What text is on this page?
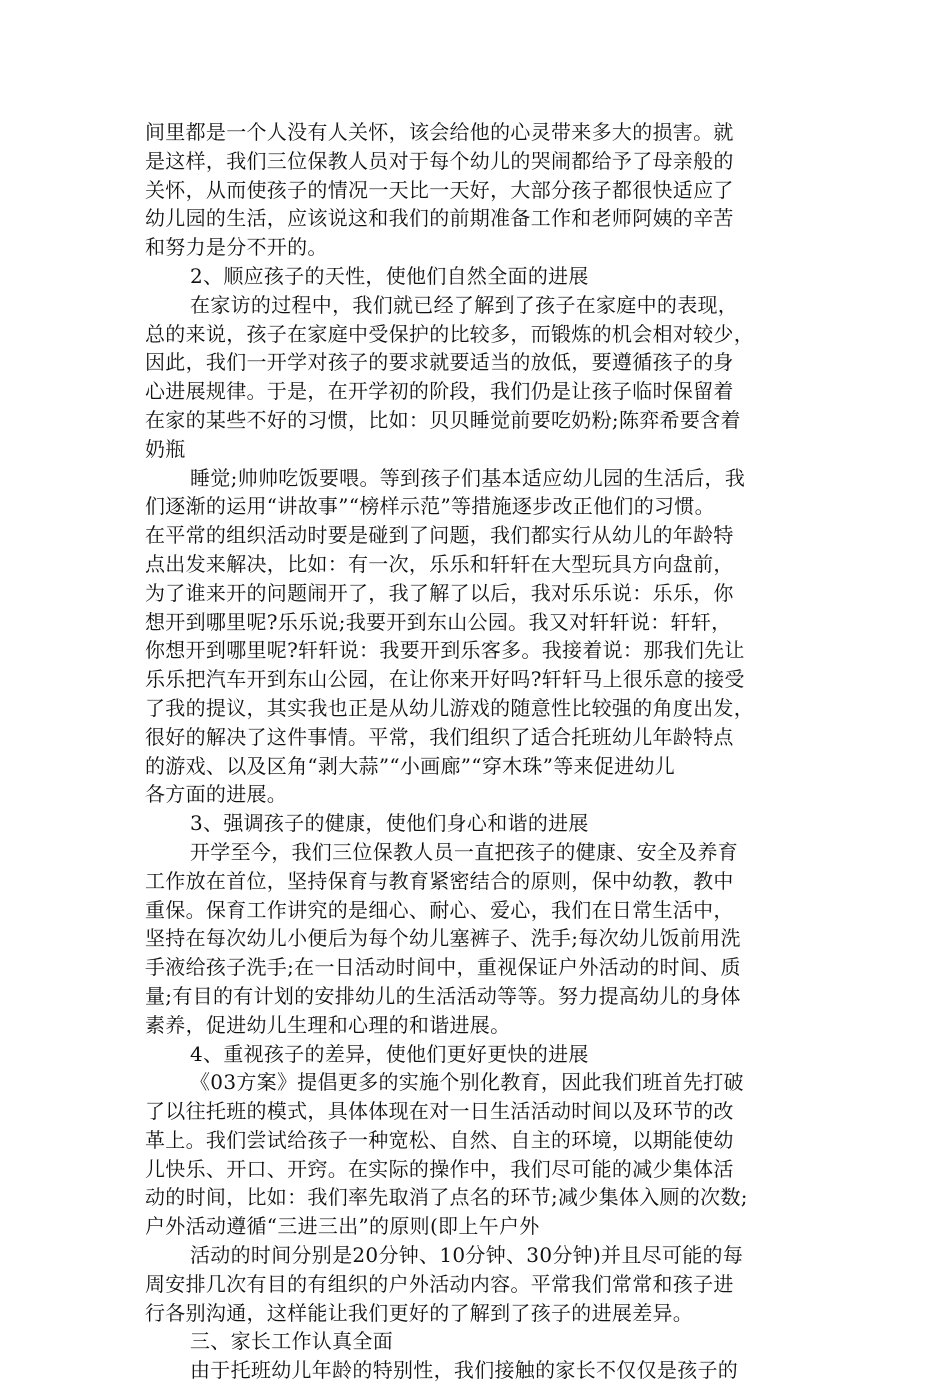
间里都是一个人没有人关怀，该会给他的心灵带来多大的损害。就
是这样，我们三位保教人员对于每个幼儿的哭闹都给予了母亲般的
关怀，从而使孩子的情况一天比一天好，大部分孩子都很快适应了
幼儿园的生活，应该说这和我们的前期准备工作和老师阿姨的辛苦
和努力是分不开的。
2、顺应孩子的天性，使他们自然全面的进展
在家访的过程中，我们就已经了解到了孩子在家庭中的表现，
总的来说，孩子在家庭中受保护的比较多，而锻炼的机会相对较少，
因此，我们一开学对孩子的要求就要适当的放低，要遵循孩子的身
心进展规律。于是，在开学初的阶段，我们仍是让孩子临时保留着
在家的某些不好的习惯，比如：贝贝睡觉前要吃奶粉;陈弈希要含着
奶瓶
睡觉;帅帅吃饭要喂。等到孩子们基本适应幼儿园的生活后，我
们逐渐的运用“讲故事”“榜样示范”等措施逐步改正他们的习惯。
在平常的组织活动时要是碰到了问题，我们都实行从幼儿的年龄特
点出发来解决，比如：有一次，乐乐和轩轩在大型玩具方向盘前，
为了谁来开的问题闹开了，我了解了以后，我对乐乐说：乐乐，你
想开到哪里呢?乐乐说;我要开到东山公园。我又对轩轩说：轩轩，
你想开到哪里呢?轩轩说：我要开到乐客多。我接着说：那我们先让
乐乐把汽车开到东山公园，在让你来开好吗?轩轩马上很乐意的接受
了我的提议，其实我也正是从幼儿游戏的随意性比较强的角度出发，
很好的解决了这件事情。平常，我们组织了适合托班幼儿年龄特点
的游戏、以及区角“剥大蒜”“小画廊”“穿木珠”等来促进幼儿
各方面的进展。
3、强调孩子的健康，使他们身心和谐的进展
开学至今，我们三位保教人员一直把孩子的健康、安全及养育
工作放在首位，坚持保育与教育紧密结合的原则，保中幼教，教中
重保。保育工作讲究的是细心、耐心、爱心，我们在日常生活中，
坚持在每次幼儿小便后为每个幼儿塞裤子、洗手;每次幼儿饭前用洗
手液给孩子洗手;在一日活动时间中，重视保证户外活动的时间、质
量;有目的有计划的安排幼儿的生活活动等等。努力提高幼儿的身体
素养，促进幼儿生理和心理的和谐进展。
4、重视孩子的差异，使他们更好更快的进展
《03方案》提倡更多的实施个别化教育，因此我们班首先打破
了以往托班的模式，具体体现在对一日生活活动时间以及环节的改
革上。我们尝试给孩子一种宽松、自然、自主的环境，以期能使幼
儿快乐、开口、开窍。在实际的操作中，我们尽可能的减少集体活
动的时间，比如：我们率先取消了点名的环节;减少集体入厕的次数;
户外活动遵循“三进三出”的原则(即上午户外
活动的时间分别是20分钟、10分钟、30分钟)并且尽可能的每
周安排几次有目的有组织的户外活动内容。平常我们常常和孩子进
行各别沟通，这样能让我们更好的了解到了孩子的进展差异。
三、家长工作认真全面
由于托班幼儿年龄的特别性，我们接触的家长不仅仅是孩子的
